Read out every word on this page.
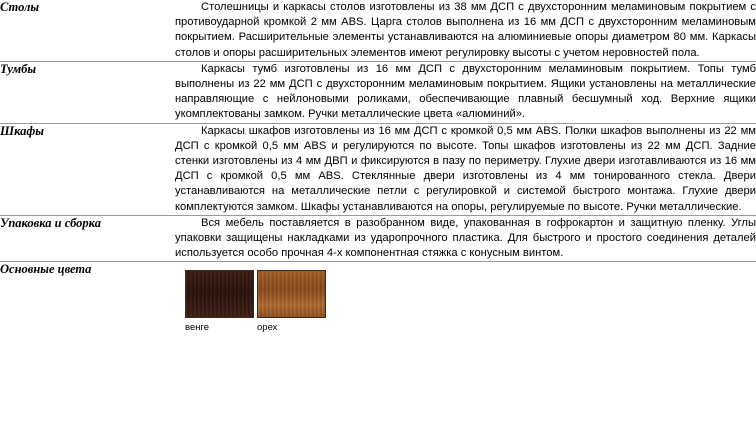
Столы	Столешницы и каркасы столов изготовлены из 38 мм ДСП с двухсторонним меламиновым покрытием с противоударной кромкой 2 мм ABS. Царга столов выполнена из 16 мм ДСП с двухсторонним меламиновым покрытием. Расширительные элементы устанавливаются на алюминиевые опоры диаметром 80 мм. Каркасы столов и опоры расширительных элементов имеют регулировку высоты с учетом неровностей пола.

Тумбы	Каркасы тумб изготовлены из 16 мм ДСП с двухсторонним меламиновым покрытием. Топы тумб выполнены из 22 мм ДСП с двухсторонним меламиновым покрытием. Ящики установлены на металлические направляющие с нейлоновыми роликами, обеспечивающие плавный бесшумный ход. Верхние ящики укомплектованы замком. Ручки металлические цвета «алюминий».

Шкафы	Каркасы шкафов изготовлены из 16 мм ДСП с кромкой 0,5 мм ABS. Полки шкафов выполнены из 22 мм ДСП с кромкой 0,5 мм ABS и регулируются по высоте. Топы шкафов изготовлены из 22 мм ДСП. Задние стенки изготовлены из 4 мм ДВП и фиксируются в пазу по периметру. Глухие двери изготавливаются из 16 мм ДСП с кромкой 0,5 мм ABS. Стеклянные двери изготовлены из 4 мм тонированного стекла. Двери устанавливаются на металлические петли с регулировкой и системой быстрого монтажа. Глухие двери комплектуются замком. Шкафы устанавливаются на опоры, регулируемые по высоте. Ручки металлические.

Упаковка и сборка	Вся мебель поставляется в разобранном виде, упакованная в гофрокартон и защитную пленку. Углы упаковки защищены накладками из ударопрочного пластика. Для быстрого и простого соединения деталей используется особо прочная 4-х компонентная стяжка с конусным винтом.

Основные цвета	венге орех
